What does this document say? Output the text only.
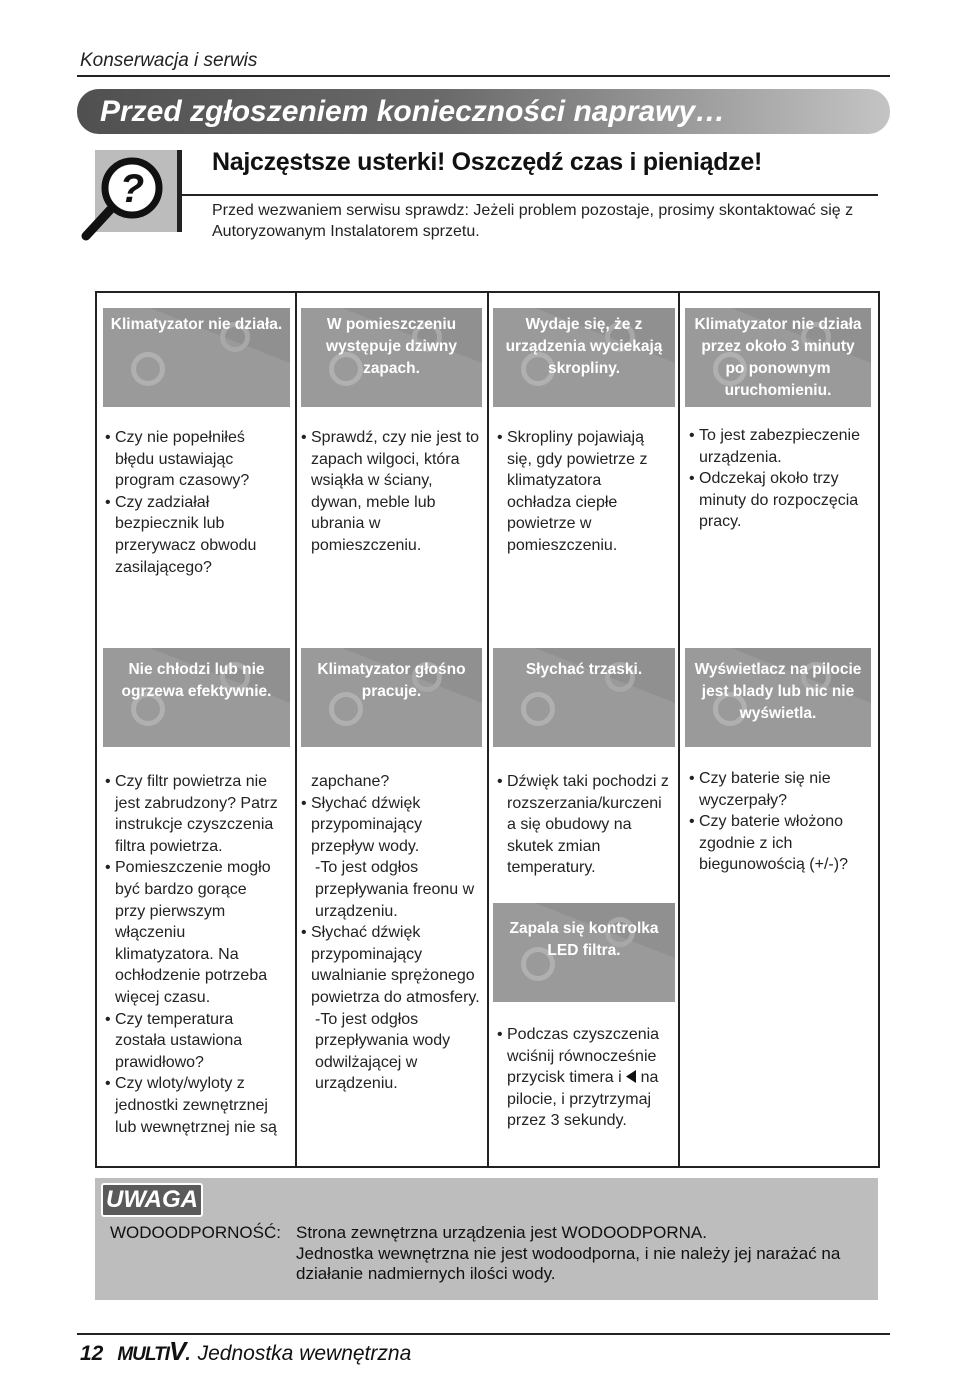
Konserwacja i serwis
Przed zgłoszeniem konieczności naprawy…
?
Najczęstsze usterki! Oszczędź czas i pieniądze!
Przed wezwaniem serwisu sprawdz: Jeżeli problem pozostaje, prosimy skontaktować się z Autoryzowanym Instalatorem sprzetu.
Klimatyzator nie działa.	W pomieszczeniu występuje dziwny zapach.
Wydaje się, że z urządzenia wyciekają skropliny.
Klimatyzator nie działa przez około 3 minuty po ponownym uruchomieniu.
• Czy nie popełniłeś błędu ustawiając program czasowy?
• Czy zadziałał bezpiecznik lub przerywacz obwodu zasilającego?
• Sprawdź, czy nie jest to zapach wilgoci, która wsiąkła w ściany, dywan, meble lub ubrania w pomieszczeniu.
• Skropliny pojawiają się, gdy powietrze z klimatyzatora ochładza ciepłe powietrze w pomieszczeniu.
• To jest zabezpieczenie urządzenia.
• Odczekaj około trzy minuty do rozpoczęcia pracy.
Nie chłodzi lub nie ogrzewa efektywnie.
Klimatyzator głośno pracuje.
Słychać trzaski.	Wyświetlacz na pilocie jest blady lub nic nie wyświetla.
• Czy filtr powietrza nie jest zabrudzony? Patrz instrukcje czyszczenia filtra powietrza.
• Pomieszczenie mogło być bardzo gorące przy pierwszym włączeniu klimatyzatora. Na ochłodzenie potrzeba więcej czasu.
• Czy temperatura została ustawiona prawidłowo?
• Czy wloty/wyloty z jednostki zewnętrznej lub wewnętrznej nie są
zapchane?
• Słychać dźwięk przypominający przepływ wody.
-To jest odgłos przepływania freonu w urządzeniu.
• Słychać dźwięk przypominający uwalnianie sprężonego powietrza do atmosfery.
-To jest odgłos przepływania wody odwilżającej w urządzeniu.
• Dźwięk taki pochodzi z rozszerzania/kurczeni a się obudowy na skutek zmian temperatury.
• Czy baterie się nie wyczerpały?
• Czy baterie włożono zgodnie z ich biegunowością (+/-)?
Zapala się kontrolka LED filtra.
• Podczas czyszczenia wciśnij równocześnie przycisk timera i na pilocie, i przytrzymaj przez 3 sekundy.
UWAGA
WODOODPORNOŚĆ: Strona zewnętrzna urządzenia jest WODOODPORNA.
Jednostka wewnętrzna nie jest wodoodporna, i nie należy jej narażać na działanie nadmiernych ilości wody.
12 MULTIV. Jednostka wewnętrzna
